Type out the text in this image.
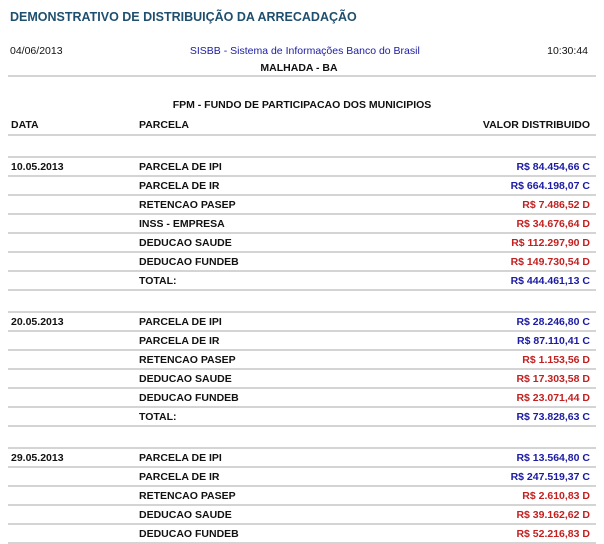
DEMONSTRATIVO DE DISTRIBUIÇÃO DA ARRECADAÇÃO
04/06/2013	SISBB - Sistema de Informações Banco do Brasil	10:30:44
MALHADA - BA
FPM - FUNDO DE PARTICIPACAO DOS MUNICIPIOS
DATA	PARCELA	VALOR DISTRIBUIDO

10.05.2013	PARCELA DE IPI	R$ 84.454,66 C
	PARCELA DE IR	R$ 664.198,07 C
	RETENCAO PASEP	R$ 7.486,52 D
	INSS - EMPRESA	R$ 34.676,64 D
	DEDUCAO SAUDE	R$ 112.297,90 D
	DEDUCAO FUNDEB	R$ 149.730,54 D
	TOTAL:	R$ 444.461,13 C

20.05.2013	PARCELA DE IPI	R$ 28.246,80 C
	PARCELA DE IR	R$ 87.110,41 C
	RETENCAO PASEP	R$ 1.153,56 D
	DEDUCAO SAUDE	R$ 17.303,58 D
	DEDUCAO FUNDEB	R$ 23.071,44 D
	TOTAL:	R$ 73.828,63 C

29.05.2013	PARCELA DE IPI	R$ 13.564,80 C
	PARCELA DE IR	R$ 247.519,37 C
	RETENCAO PASEP	R$ 2.610,83 D
	DEDUCAO SAUDE	R$ 39.162,62 D
	DEDUCAO FUNDEB	R$ 52.216,83 D
